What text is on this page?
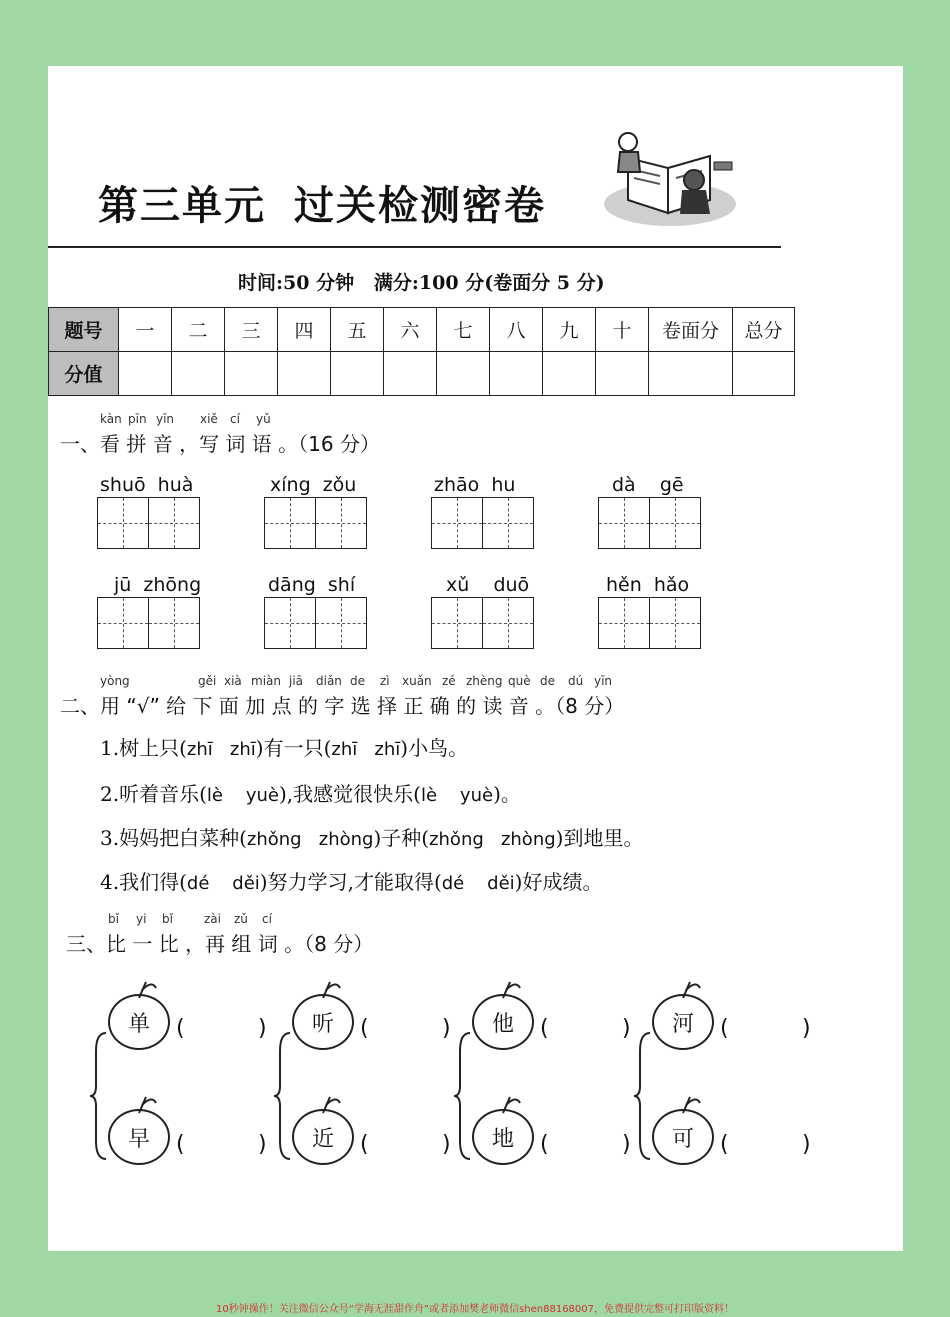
第三单元 过关检测密卷
时间:50 分钟   满分:100 分(卷面分 5 分)
题号	一	二	三	四	五	六	七	八	九	十	卷面分	总分
分值												
kàn pīn yīn xiě cí yǔ
一、看 拼 音 ，写 词 语 。（16 分）
shuō  huà	xíng  zǒu	zhāo  hu	dà    gē
jū  zhōng	dāng  shí	xǔ    duō	hěn  hǎo
yòng	gěi xià miàn jiā diǎn de zì xuǎn zé zhèng què de dú yīn
二、用 “√” 给 下 面 加 点 的 字 选 择 正 确 的 读 音 。（8 分）
1.树上只(zhī   zhī)有一只(zhī   zhī)小鸟。
2.听着音乐(lè    yuè),我感觉很快乐(lè    yuè)。
3.妈妈把白菜种(zhǒng   zhòng)子种(zhǒng   zhòng)到地里。
4.我们得(dé    děi)努力学习,才能取得(dé    děi)好成绩。
bǐ yi bǐ	zài zǔ cí
三、比 一 比 ，再 组 词 。（8 分）
单	(	)
早	(	)
听	(	)
近	(	)
他	(	)
地	(	)
河	(	)
可	(	)
10秒钟操作！关注微信公众号“学海无涯甜作舟”或者添加樊老师微信shen88168007，免费提供完整可打印版资料！
